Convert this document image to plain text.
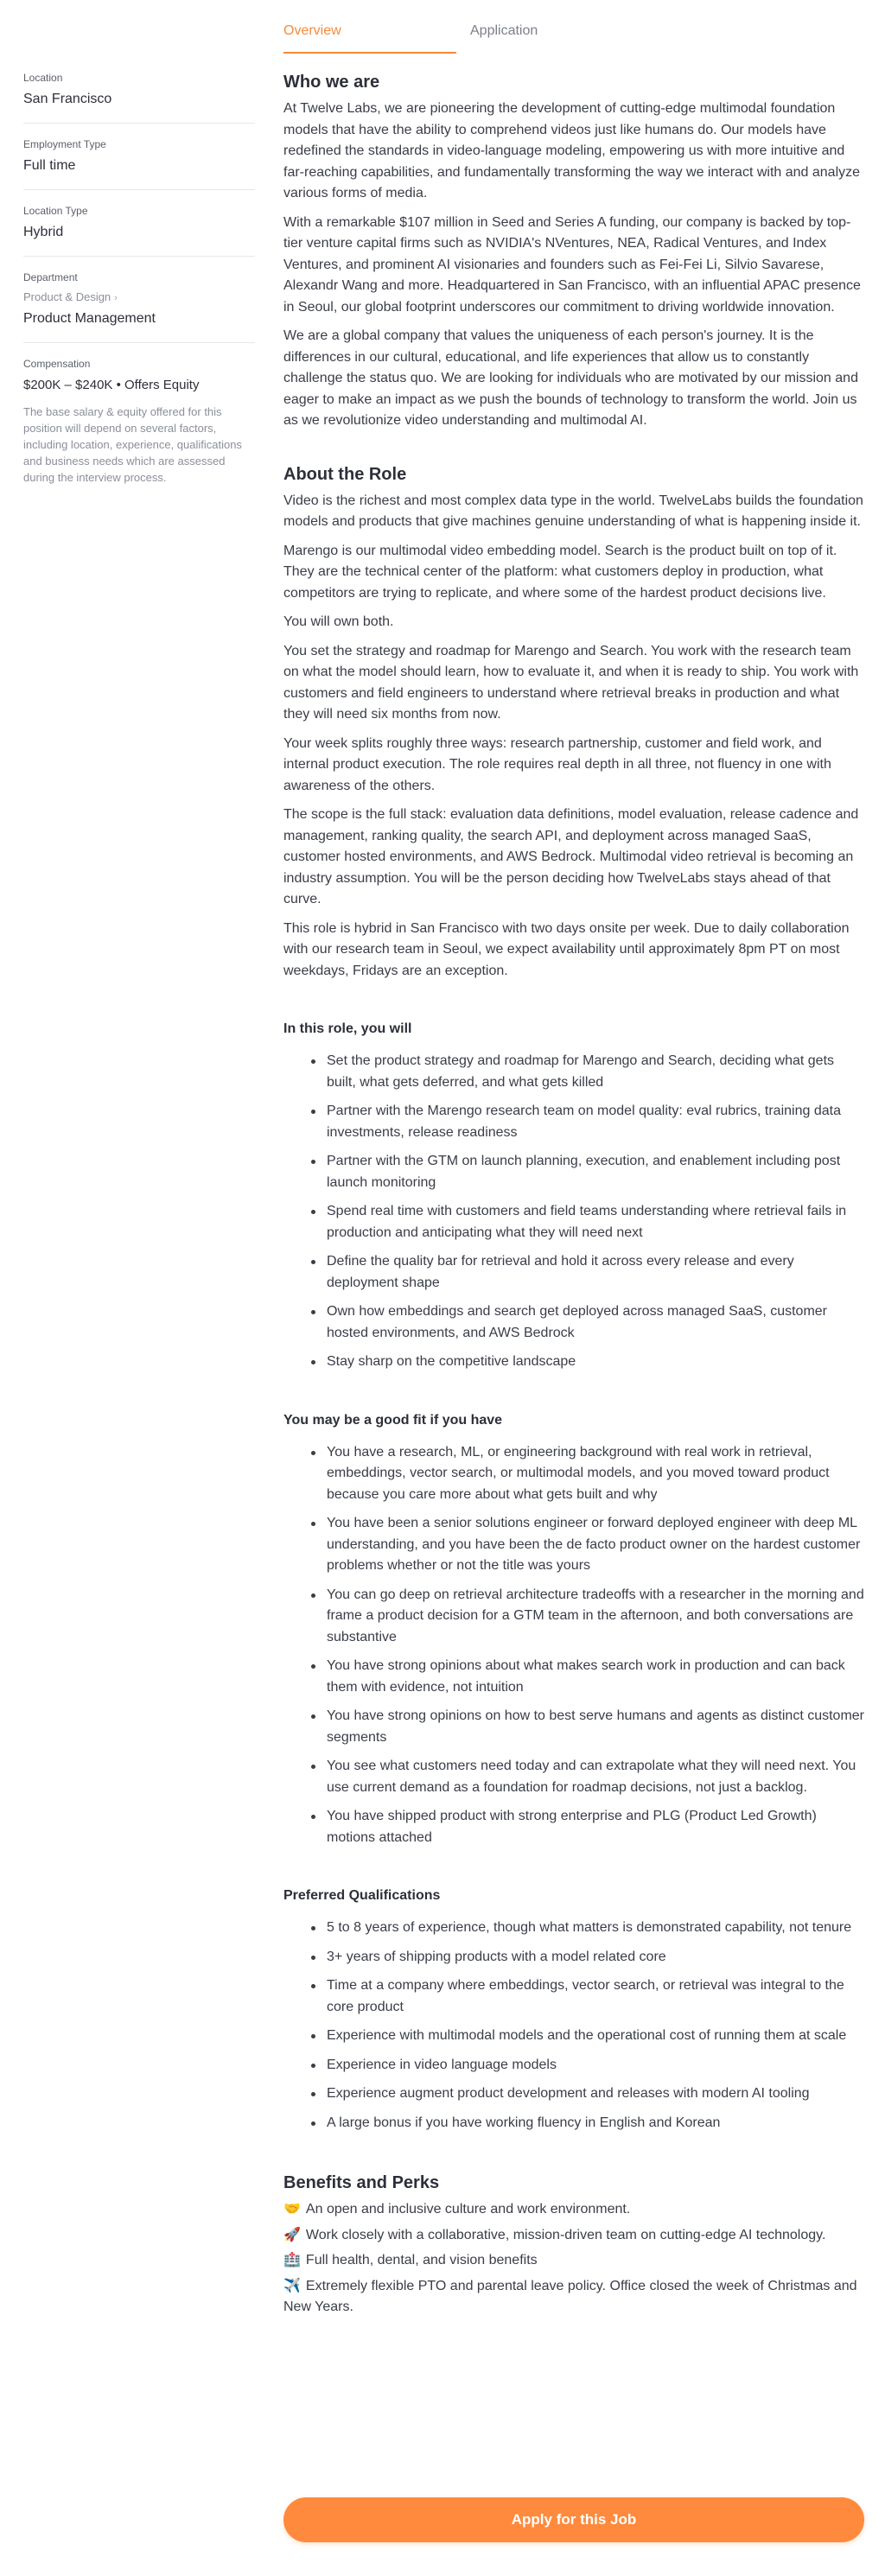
Overview	Application
Location
San Francisco
Employment Type
Full time
Location Type
Hybrid
Department
Product & Design ›
Product Management
Compensation
$200K – $240K • Offers Equity
The base salary & equity offered for this position will depend on several factors, including location, experience, qualifications and business needs which are assessed during the interview process.
Who we are

At Twelve Labs, we are pioneering the development of cutting-edge multimodal foundation models that have the ability to comprehend videos just like humans do. Our models have redefined the standards in video-language modeling, empowering us with more intuitive and far-reaching capabilities, and fundamentally transforming the way we interact with and analyze various forms of media.

With a remarkable $107 million in Seed and Series A funding, our company is backed by top-tier venture capital firms such as NVIDIA's NVentures, NEA, Radical Ventures, and Index Ventures, and prominent AI visionaries and founders such as Fei-Fei Li, Silvio Savarese, Alexandr Wang and more. Headquartered in San Francisco, with an influential APAC presence in Seoul, our global footprint underscores our commitment to driving worldwide innovation.

We are a global company that values the uniqueness of each person's journey. It is the differences in our cultural, educational, and life experiences that allow us to constantly challenge the status quo. We are looking for individuals who are motivated by our mission and eager to make an impact as we push the bounds of technology to transform the world. Join us as we revolutionize video understanding and multimodal AI.

About the Role

Video is the richest and most complex data type in the world. TwelveLabs builds the foundation models and products that give machines genuine understanding of what is happening inside it.

Marengo is our multimodal video embedding model. Search is the product built on top of it. They are the technical center of the platform: what customers deploy in production, what competitors are trying to replicate, and where some of the hardest product decisions live.

You will own both.

You set the strategy and roadmap for Marengo and Search. You work with the research team on what the model should learn, how to evaluate it, and when it is ready to ship. You work with customers and field engineers to understand where retrieval breaks in production and what they will need six months from now.

Your week splits roughly three ways: research partnership, customer and field work, and internal product execution. The role requires real depth in all three, not fluency in one with awareness of the others.

The scope is the full stack: evaluation data definitions, model evaluation, release cadence and management, ranking quality, the search API, and deployment across managed SaaS, customer hosted environments, and AWS Bedrock. Multimodal video retrieval is becoming an industry assumption. You will be the person deciding how TwelveLabs stays ahead of that curve.

This role is hybrid in San Francisco with two days onsite per week. Due to daily collaboration with our research team in Seoul, we expect availability until approximately 8pm PT on most weekdays, Fridays are an exception.

In this role, you will
Set the product strategy and roadmap for Marengo and Search, deciding what gets built, what gets deferred, and what gets killed
Partner with the Marengo research team on model quality: eval rubrics, training data investments, release readiness
Partner with the GTM on launch planning, execution, and enablement including post launch monitoring
Spend real time with customers and field teams understanding where retrieval fails in production and anticipating what they will need next
Define the quality bar for retrieval and hold it across every release and every deployment shape
Own how embeddings and search get deployed across managed SaaS, customer hosted environments, and AWS Bedrock
Stay sharp on the competitive landscape
You may be a good fit if you have
You have a research, ML, or engineering background with real work in retrieval, embeddings, vector search, or multimodal models, and you moved toward product because you care more about what gets built and why
You have been a senior solutions engineer or forward deployed engineer with deep ML understanding, and you have been the de facto product owner on the hardest customer problems whether or not the title was yours
You can go deep on retrieval architecture tradeoffs with a researcher in the morning and frame a product decision for a GTM team in the afternoon, and both conversations are substantive
You have strong opinions about what makes search work in production and can back them with evidence, not intuition
You have strong opinions on how to best serve humans and agents as distinct customer segments
You see what customers need today and can extrapolate what they will need next. You use current demand as a foundation for roadmap decisions, not just a backlog.
You have shipped product with strong enterprise and PLG (Product Led Growth) motions attached
Preferred Qualifications
5 to 8 years of experience, though what matters is demonstrated capability, not tenure
3+ years of shipping products with a model related core
Time at a company where embeddings, vector search, or retrieval was integral to the core product
Experience with multimodal models and the operational cost of running them at scale
Experience in video language models
Experience augment product development and releases with modern AI tooling
A large bonus if you have working fluency in English and Korean
Benefits and Perks
🤝 An open and inclusive culture and work environment.
🚀 Work closely with a collaborative, mission-driven team on cutting-edge AI technology.
🏥 Full health, dental, and vision benefits
✈️ Extremely flexible PTO and parental leave policy. Office closed the week of Christmas and New Years.
Apply for this Job
